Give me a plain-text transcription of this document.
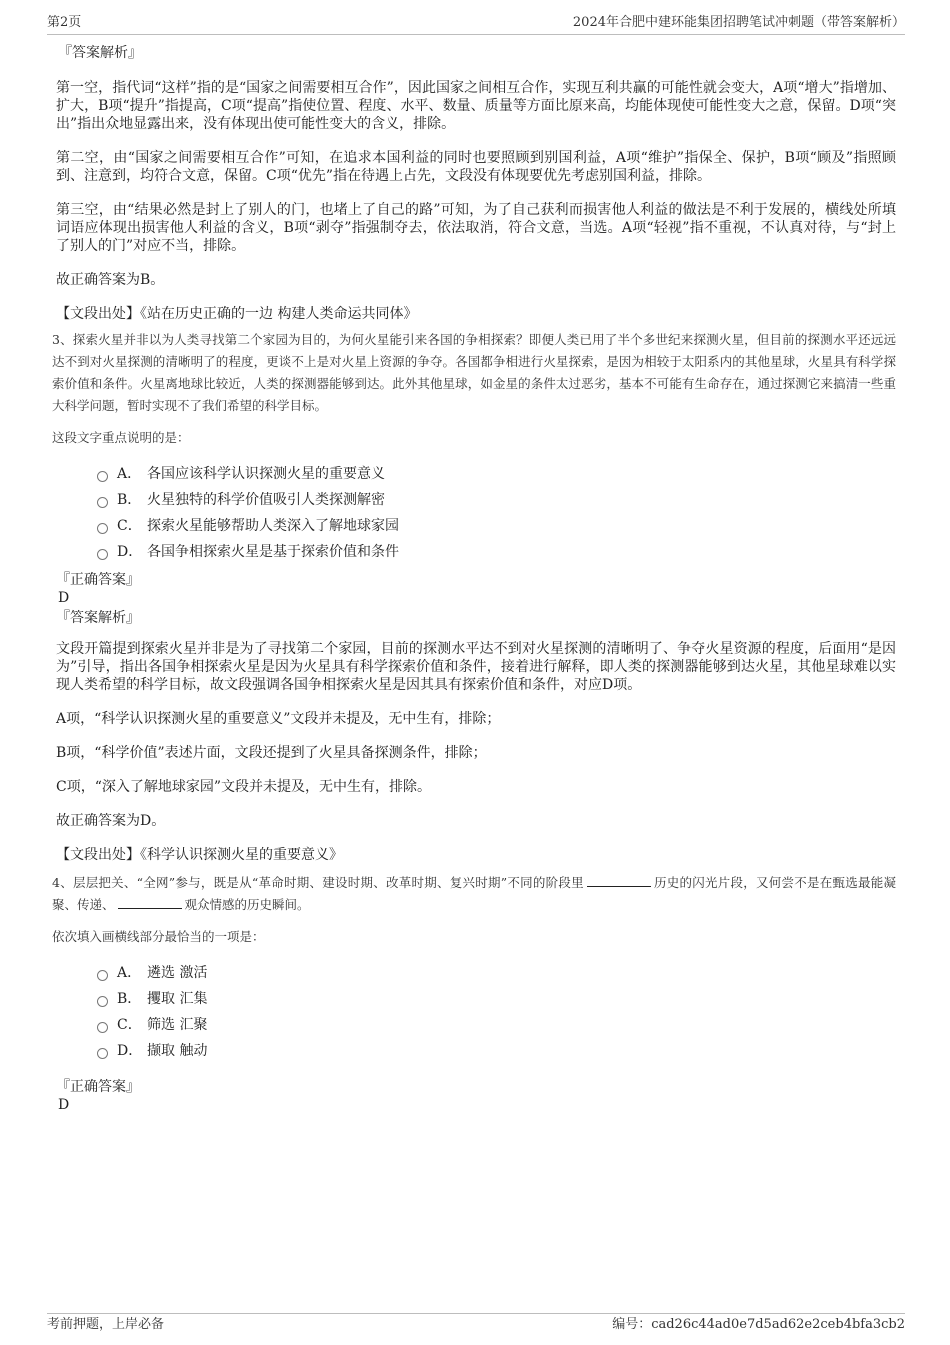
第2页	2024年合肥中建环能集团招聘笔试冲刺题（带答案解析）

『答案解析』

第一空，指代词“这样”指的是“国家之间需要相互合作”，因此国家之间相互合作，实现互利共赢的可能性就会变大，A项“增大”指增加、扩大，B项“提升”指提高，C项“提高”指使位置、程度、水平、数量、质量等方面比原来高，均能体现使可能性变大之意，保留。D项“突出”指出众地显露出来，没有体现出使可能性变大的含义，排除。

第二空，由“国家之间需要相互合作”可知，在追求本国利益的同时也要照顾到别国利益，A项“维护”指保全、保护，B项“顾及”指照顾到、注意到，均符合文意，保留。C项“优先”指在待遇上占先，文段没有体现要优先考虑别国利益，排除。

第三空，由“结果必然是封上了别人的门，也堵上了自己的路”可知，为了自己获利而损害他人利益的做法是不利于发展的，横线处所填词语应体现出损害他人利益的含义，B项“剥夺”指强制夺去，依法取消，符合文意，当选。A项“轻视”指不重视，不认真对待，与“封上了别人的门”对应不当，排除。

故正确答案为B。

【文段出处】《站在历史正确的一边 构建人类命运共同体》

3、探索火星并非以为人类寻找第二个家园为目的，为何火星能引来各国的争相探索？即便人类已用了半个多世纪来探测火星，但目前的探测水平还远远达不到对火星探测的清晰明了的程度，更谈不上是对火星上资源的争夺。各国都争相进行火星探索，是因为相较于太阳系内的其他星球，火星具有科学探索价值和条件。火星离地球比较近，人类的探测器能够到达。此外其他星球，如金星的条件太过恶劣，基本不可能有生命存在，通过探测它来搞清一些重大科学问题，暂时实现不了我们希望的科学目标。

这段文字重点说明的是：

A． 各国应该科学认识探测火星的重要意义
B． 火星独特的科学价值吸引人类探测解密
C． 探索火星能够帮助人类深入了解地球家园
D． 各国争相探索火星是基于探索价值和条件

『正确答案』

D

『答案解析』

文段开篇提到探索火星并非是为了寻找第二个家园，目前的探测水平达不到对火星探测的清晰明了、争夺火星资源的程度，后面用“是因为”引导，指出各国争相探索火星是因为火星具有科学探索价值和条件，接着进行解释，即人类的探测器能够到达火星，其他星球难以实现人类希望的科学目标，故文段强调各国争相探索火星是因其具有探索价值和条件，对应D项。

A项，“科学认识探测火星的重要意义”文段并未提及，无中生有，排除；

B项，“科学价值”表述片面，文段还提到了火星具备探测条件，排除；

C项，“深入了解地球家园”文段并未提及，无中生有，排除。

故正确答案为D。

【文段出处】《科学认识探测火星的重要意义》

4、层层把关、“全网”参与，既是从“革命时期、建设时期、改革时期、复兴时期”不同的阶段里	历史的闪光片段，又何尝不是在甄选最能凝聚、传递、	观众情感的历史瞬间。

依次填入画横线部分最恰当的一项是：

A． 遴选 激活
B． 攫取 汇集
C． 筛选 汇聚
D． 撷取 触动

『正确答案』

D

考前押题，上岸必备	编号：cad26c44ad0e7d5ad62e2ceb4bfa3cb2
